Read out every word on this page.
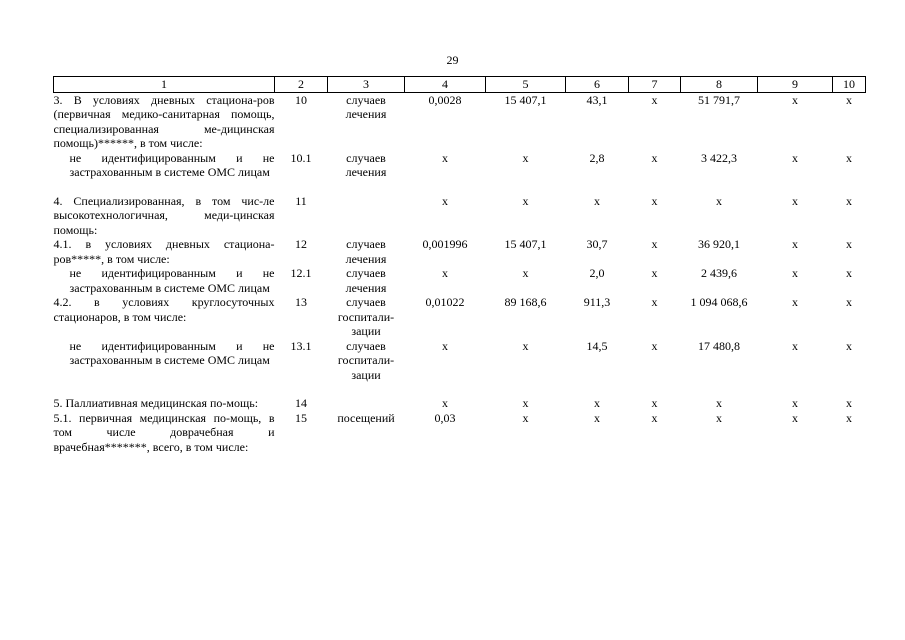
29
1	2	3	4	5	6	7	8	9	10
3. В условиях дневных стациона-ров (первичная медико-санитарная помощь, специализированная ме-дицинская помощь)******, в том числе:	10	случаев лечения	0,0028	15 407,1	43,1	х	51 791,7	х	х
не идентифицированным и не застрахованным в системе ОМС лицам	10.1	случаев лечения	х	х	2,8	х	3 422,3	х	х
4. Специализированная, в том чис-ле высокотехнологичная, меди-цинская помощь:	11		х	х	х	х	х	х	х
4.1. в условиях дневных стациона-ров*****, в том числе:	12	случаев лечения	0,001996	15 407,1	30,7	х	36 920,1	х	х
не идентифицированным и не застрахованным в системе ОМС лицам	12.1	случаев лечения	х	х	2,0	х	2 439,6	х	х
4.2. в условиях круглосуточных стационаров, в том числе:	13	случаев госпитали-зации	0,01022	89 168,6	911,3	х	1 094 068,6	х	х
не идентифицированным и не застрахованным в системе ОМС лицам	13.1	случаев госпитали-зации	х	х	14,5	х	17 480,8	х	х
5. Паллиативная медицинская по-мощь:	14		х	х	х	х	х	х	х
5.1. первичная медицинская по-мощь, в том числе доврачебная и врачебная*******, всего, в том числе:	15	посещений	0,03	х	х	х	х	х	х
